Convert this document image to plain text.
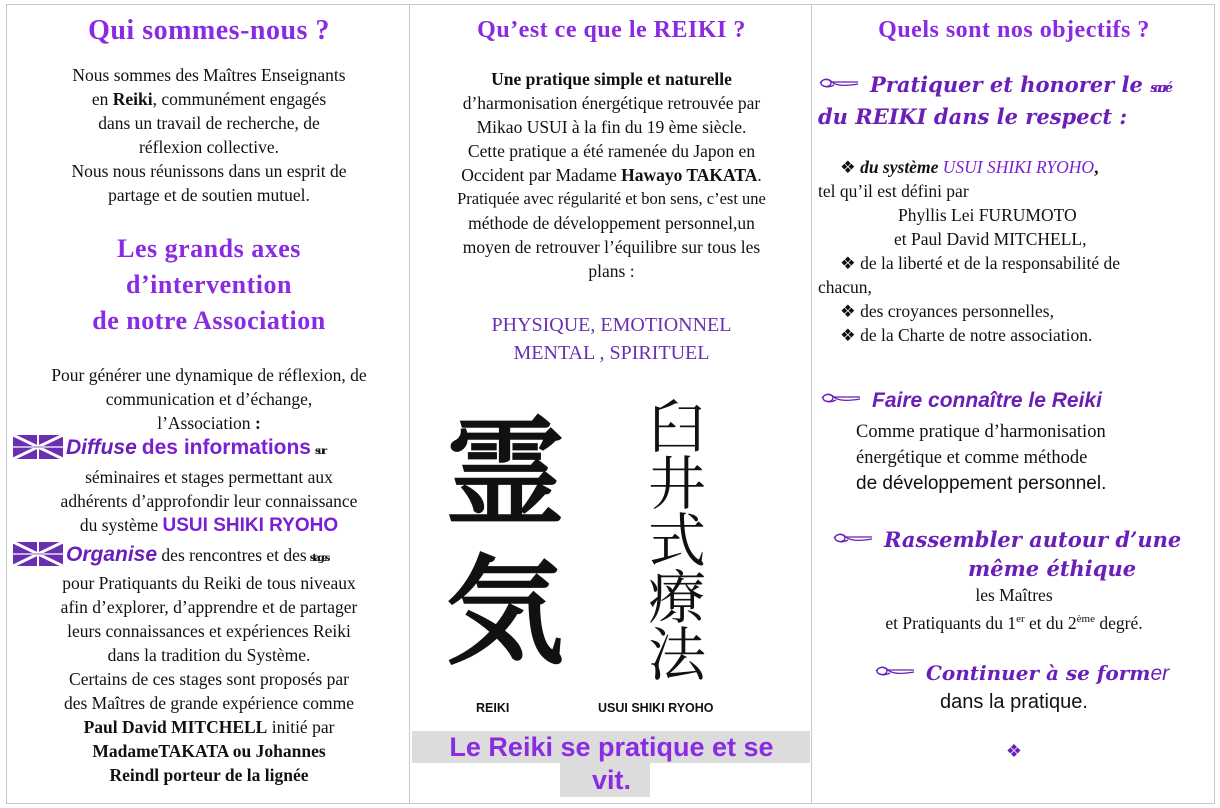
Qui sommes-nous ?
Nous sommes des Maîtres Enseignants
en Reiki, communément engagés
dans un travail de recherche, de
réflexion collective.
Nous nous réunissons dans un esprit de
partage et de soutien mutuel.
Les grands axes
d’intervention
de notre Association
Pour générer une dynamique de réflexion, de
communication et d’échange,
l’Association :
Diffuse des informations sur
séminaires et stages permettant aux
adhérents d’approfondir leur connaissance
du système USUI SHIKI RYOHO
Organise des rencontres et des stages
pour Pratiquants du Reiki de tous niveaux
afin d’explorer, d’apprendre et de partager
leurs connaissances et expériences Reiki
dans la tradition du Système.
Certains de ces stages sont proposés par
des Maîtres de grande expérience comme
Paul David MITCHELL initié par
MadameTAKATA ou Johannes
Reindl porteur de la lignée
Qu’est ce que le REIKI ?
Une pratique simple et naturelle
d’harmonisation énergétique retrouvée par
Mikao USUI à la fin du 19 ème siècle.
Cette pratique a été ramenée du Japon en
Occident par Madame Hawayo TAKATA.
Pratiquée avec régularité et bon sens, c’est une
méthode de développement personnel,un
moyen de retrouver l’équilibre sur tous les
plans :
PHYSIQUE, EMOTIONNEL
MENTAL , SPIRITUEL
霊
気
臼
井
式
療
法
REIKI	USUI SHIKI RYOHO
Le Reiki se pratique et se
vit.
Quels sont nos objectifs ?
Pratiquer et honorer le sacré
du REIKI dans le respect :
❖ du système USUI SHIKI RYOHO,
tel qu’il est défini par
Phyllis Lei FURUMOTO
et Paul David MITCHELL,
❖ de la liberté et de la responsabilité de
chacun,
❖ des croyances personnelles,
❖ de la Charte de notre association.
Faire connaître le Reiki
Comme pratique d’harmonisation
énergétique et comme méthode
de développement personnel.
Rassembler autour d’une
même éthique
les Maîtres
et Pratiquants du 1er et du 2ème degré.
Continuer à se former
dans la pratique.
❖
